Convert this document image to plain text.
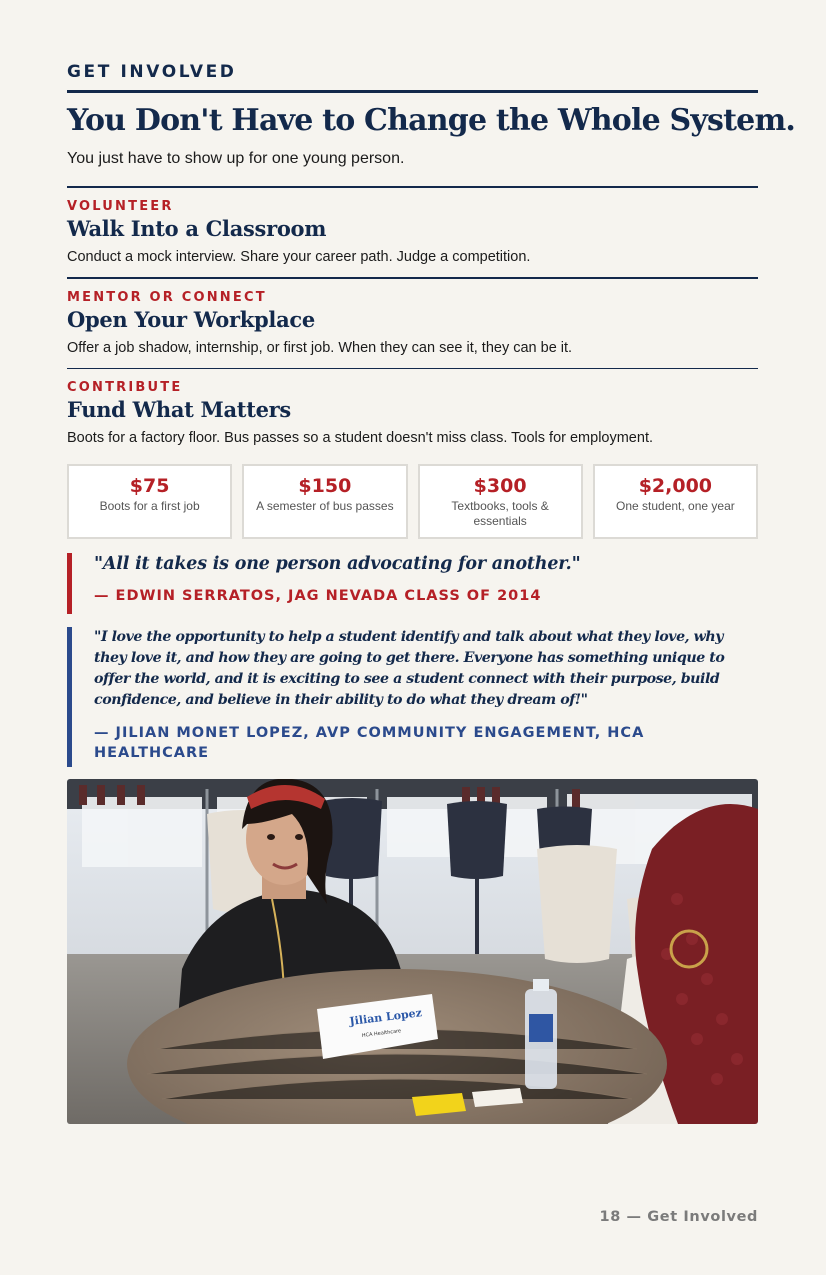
GET INVOLVED
You Don't Have to Change the Whole System.

You just have to show up for one young person.

VOLUNTEER
Walk Into a Classroom

Conduct a mock interview. Share your career path. Judge a competition.

MENTOR OR CONNECT
Open Your Workplace

Offer a job shadow, internship, or first job. When they can see it, they can be it.

CONTRIBUTE
Fund What Matters

Boots for a factory floor. Bus passes so a student doesn't miss class. Tools for employment.

$75
Boots for a first job
$150
A semester of bus passes
$300
Textbooks, tools & essentials
$2,000
One student, one year

"All it takes is one person advocating for another."

— EDWIN SERRATOS, JAG NEVADA CLASS OF 2014

"I love the opportunity to help a student identify and talk about what they love, why they love it, and how they are going to get there. Everyone has something unique to offer the world, and it is exciting to see a student connect with their purpose, build confidence, and believe in their ability to do what they dream of!"

— JILIAN MONET LOPEZ, AVP COMMUNITY ENGAGEMENT, HCA HEALTHCARE

Jilian Lopez
HCA Healthcare
18 — Get Involved
